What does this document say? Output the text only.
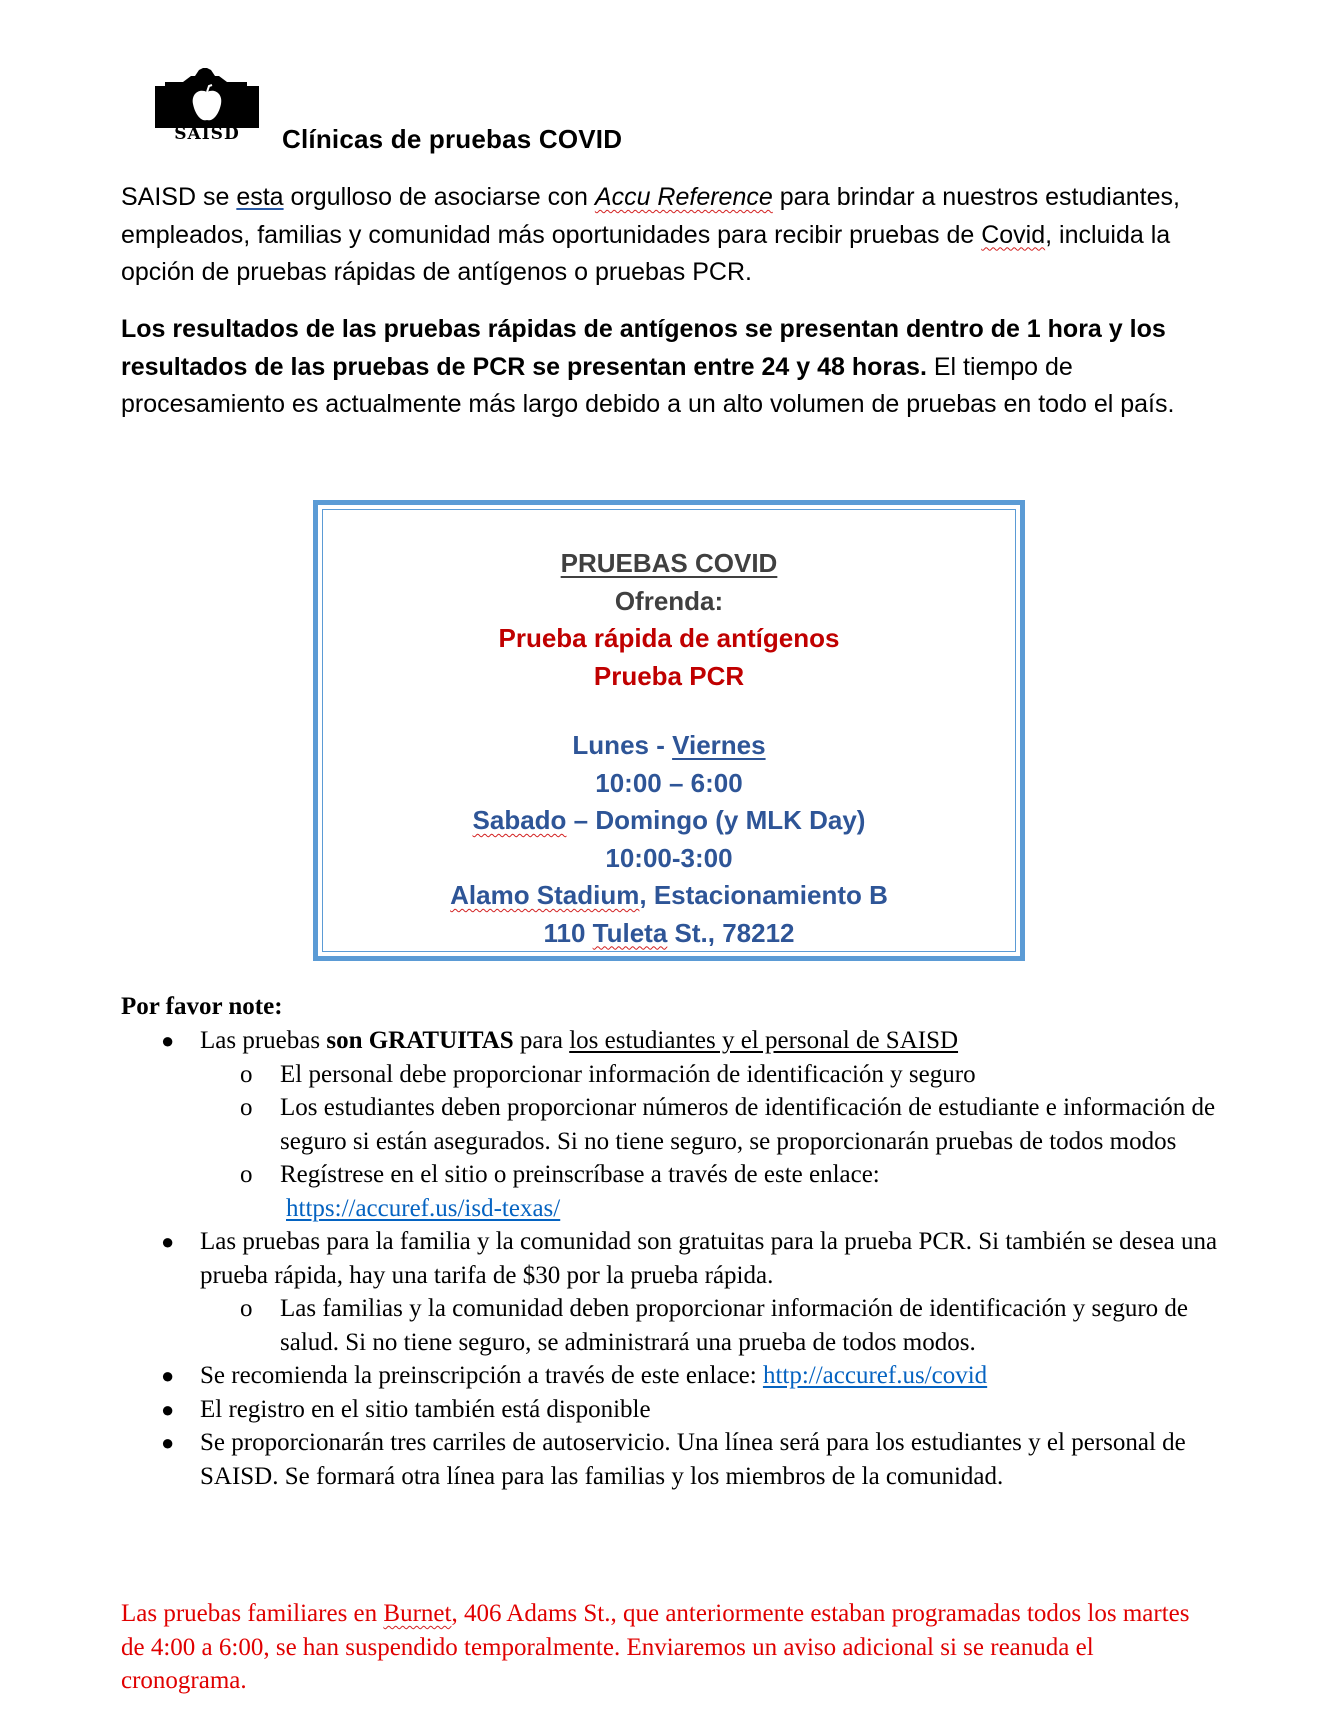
SAISD	Clínicas de pruebas COVID

SAISD se esta orgulloso de asociarse con Accu Reference para brindar a nuestros estudiantes, empleados, familias y comunidad más oportunidades para recibir pruebas de Covid, incluida la opción de pruebas rápidas de antígenos o pruebas PCR.

Los resultados de las pruebas rápidas de antígenos se presentan dentro de 1 hora y los resultados de las pruebas de PCR se presentan entre 24 y 48 horas. El tiempo de procesamiento es actualmente más largo debido a un alto volumen de pruebas en todo el país.

PRUEBAS COVID

Ofrenda:

Prueba rápida de antígenos

Prueba PCR

Lunes - Viernes

10:00 – 6:00

Sabado – Domingo (y MLK Day)

10:00-3:00

Alamo Stadium, Estacionamiento B

110 Tuleta St., 78212

Por favor note:

● Las pruebas son GRATUITAS para los estudiantes y el personal de SAISD
o El personal debe proporcionar información de identificación y seguro
o Los estudiantes deben proporcionar números de identificación de estudiante e información de seguro si están asegurados. Si no tiene seguro, se proporcionarán pruebas de todos modos
o Regístrese en el sitio o preinscríbase a través de este enlace:
https://accuref.us/isd-texas/
● Las pruebas para la familia y la comunidad son gratuitas para la prueba PCR. Si también se desea una prueba rápida, hay una tarifa de $30 por la prueba rápida.
o Las familias y la comunidad deben proporcionar información de identificación y seguro de salud. Si no tiene seguro, se administrará una prueba de todos modos.
● Se recomienda la preinscripción a través de este enlace: http://accuref.us/covid
● El registro en el sitio también está disponible
● Se proporcionarán tres carriles de autoservicio. Una línea será para los estudiantes y el personal de SAISD. Se formará otra línea para las familias y los miembros de la comunidad.

Las pruebas familiares en Burnet, 406 Adams St., que anteriormente estaban programadas todos los martes de 4:00 a 6:00, se han suspendido temporalmente. Enviaremos un aviso adicional si se reanuda el cronograma.
